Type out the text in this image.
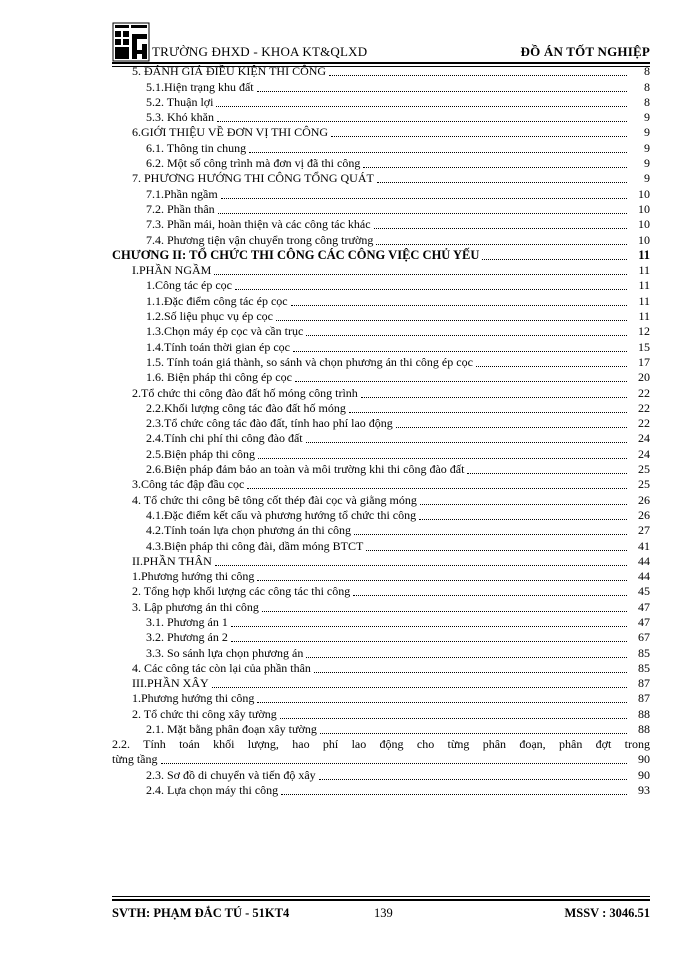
TRƯỜNG ĐHXD - KHOA KT&QLXD	ĐỒ ÁN TỐT NGHIỆP
5. ĐÁNH GIÁ ĐIỀU KIỆN THI CÔNG	8
5.1.Hiện trạng khu đất	8
5.2. Thuận lợi	8
5.3. Khó khăn	9
6.GIỚI THIỆU VỀ ĐƠN VỊ THI CÔNG	9
6.1. Thông tin chung	9
6.2. Một số công trình mà đơn vị đã thi công	9
7. PHƯƠNG HƯỚNG THI CÔNG TỔNG QUÁT	9
7.1.Phần ngầm	10
7.2. Phần thân	10
7.3. Phần mái, hoàn thiện và các công tác khác	10
7.4. Phương tiện vận chuyển trong công trường	10
CHƯƠNG II: TỔ CHỨC THI CÔNG CÁC CÔNG VIỆC CHỦ YẾU	11
I.PHẦN NGẦM	11
1.Công tác ép cọc	11
1.1.Đặc điểm công tác ép cọc	11
1.2.Số liệu phục vụ ép cọc	11
1.3.Chọn máy ép cọc và cần trục	12
1.4.Tính toán thời gian ép cọc	15
1.5. Tính toán giá thành, so sánh và chọn phương án thi công ép cọc	17
1.6. Biện pháp thi công ép cọc	20
2.Tổ chức thi công đào đất hố móng công trình	22
2.2.Khối lượng công tác đào đất hố móng	22
2.3.Tổ chức công tác đào đất, tính hao phí lao động	22
2.4.Tính chi phí thi công đào đất	24
2.5.Biện pháp thi công	24
2.6.Biện pháp đảm bảo an toàn và môi trường khi thi công đào đất	25
3.Công tác đập đầu cọc	25
4. Tổ chức thi công bê tông cốt thép đài cọc và giằng móng	26
4.1.Đặc điểm kết cấu và phương hướng tổ chức thi công	26
4.2.Tính toán lựa chọn phương án thi công	27
4.3.Biện pháp thi công đài, dầm móng BTCT	41
II.PHẦN THÂN	44
1.Phương hướng thi công	44
2. Tổng hợp khối lượng các công tác thi công	45
3. Lập phương án thi công	47
3.1. Phương án 1	47
3.2. Phương án 2	67
3.3. So sánh lựa chọn phương án	85
4. Các công tác còn lại của phần thân	85
III.PHẦN XÂY	87
1.Phương hướng thi công	87
2. Tổ chức thi công xây tường	88
2.1. Mặt bằng phân đoạn xây tường	88
2.2. Tính toán khối lượng, hao phí lao động cho từng phân đoạn, phân đợt trong
từng tầng	90
2.3. Sơ đồ di chuyển và tiến độ xây	90
2.4. Lựa chọn máy thi công	93
SVTH: PHẠM ĐẮC TÚ - 51KT4	139	MSSV : 3046.51
